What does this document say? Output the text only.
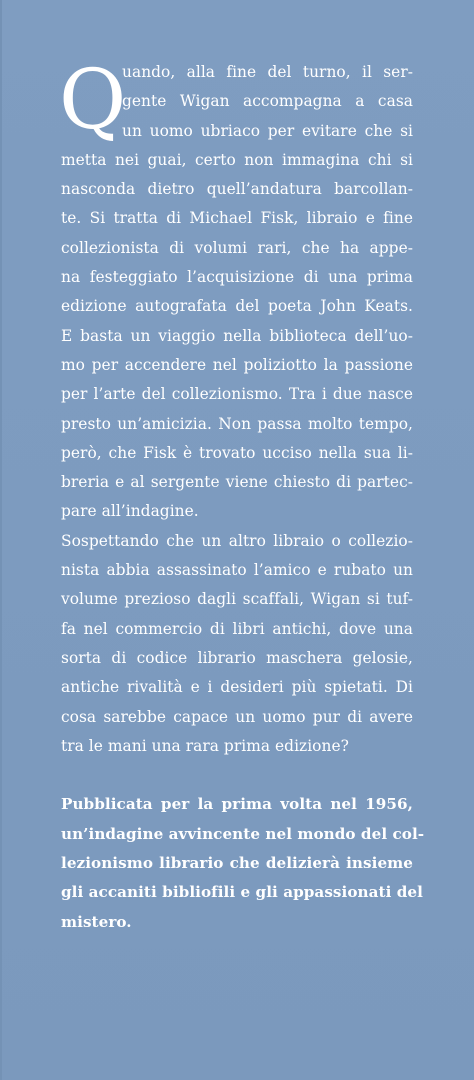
Q
uando, alla fine del turno, il ser-
gente Wigan accompagna a casa
un uomo ubriaco per evitare che si
metta nei guai, certo non immagina chi si
nasconda dietro quell’andatura barcollan-
te. Si tratta di Michael Fisk, libraio e fine
collezionista di volumi rari, che ha appe-
na festeggiato l’acquisizione di una prima
edizione autografata del poeta John Keats.
E basta un viaggio nella biblioteca dell’uo-
mo per accendere nel poliziotto la passione
per l’arte del collezionismo. Tra i due nasce
presto un’amicizia. Non passa molto tempo,
però, che Fisk è trovato ucciso nella sua li-
breria e al sergente viene chiesto di partec-
pare all’indagine.
Sospettando che un altro libraio o collezio-
nista abbia assassinato l’amico e rubato un
volume prezioso dagli scaffali, Wigan si tuf-
fa nel commercio di libri antichi, dove una
sorta di codice librario maschera gelosie,
antiche rivalità e i desideri più spietati. Di
cosa sarebbe capace un uomo pur di avere
tra le mani una rara prima edizione?
Pubblicata per la prima volta nel 1956,
un’indagine avvincente nel mondo del col-
lezionismo librario che delizierà insieme
gli accaniti bibliofili e gli appassionati del
mistero.
